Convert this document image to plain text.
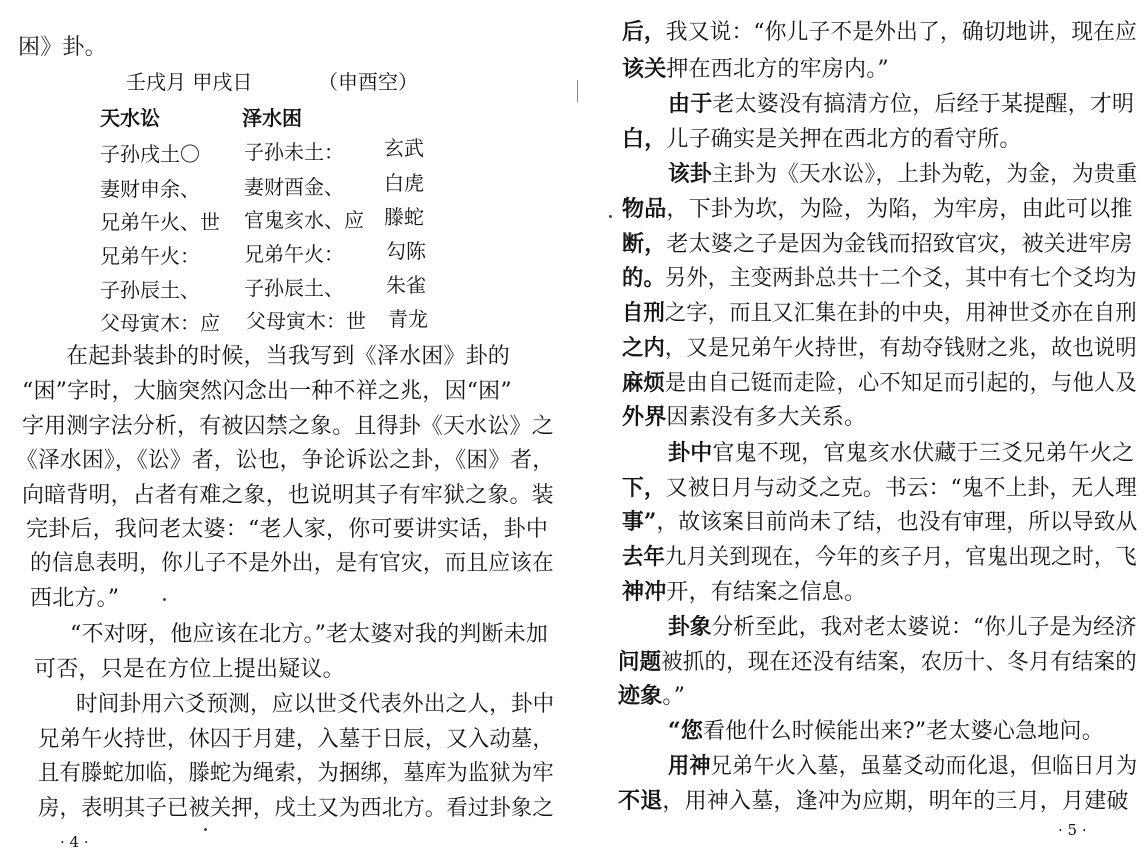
困》卦。
壬戌月 甲戌日	（申酉空）
天水讼	泽水困
子孙戌土〇 子孙未土： 玄武
妻财申余、 妻财酉金、 白虎
兄弟午火、世 官鬼亥水、应 滕蛇
兄弟午火： 兄弟午火： 勾陈
子孙辰土、 子孙辰土、 朱雀
父母寅木：应 父母寅木：世 青龙
在起卦装卦的时候，当我写到《泽水困》卦的
“困”字时，大脑突然闪念出一种不祥之兆，因“困”
字用测字法分析，有被囚禁之象。且得卦《天水讼》之
《泽水困》，《讼》者，讼也，争论诉讼之卦，《困》者，
向暗背明，占者有难之象，也说明其子有牢狱之象。装
完卦后，我问老太婆：“老人家，你可要讲实话，卦中
的信息表明，你儿子不是外出，是有官灾，而且应该在
西北方。”
“不对呀，他应该在北方。”老太婆对我的判断未加
可否，只是在方位上提出疑议。
时间卦用六爻预测，应以世爻代表外出之人，卦中
兄弟午火持世，休囚于月建，入墓于日辰，又入动墓，
且有滕蛇加临，滕蛇为绳索，为捆绑，墓库为监狱为牢
房，表明其子已被关押，戌土又为西北方。看过卦象之
· 4 ·
后，我又说：“你儿子不是外出了，确切地讲，现在应
该关押在西北方的牢房内。”
由于老太婆没有搞清方位，后经于某提醒，才明
白，儿子确实是关押在西北方的看守所。
该卦主卦为《天水讼》，上卦为乾，为金，为贵重
物品，下卦为坎，为险，为陷，为牢房，由此可以推
断，老太婆之子是因为金钱而招致官灾，被关进牢房
的。另外，主变两卦总共十二个爻，其中有七个爻均为
自刑之字，而且又汇集在卦的中央，用神世爻亦在自刑
之内，又是兄弟午火持世，有劫夺钱财之兆，故也说明
麻烦是由自己铤而走险，心不知足而引起的，与他人及
外界因素没有多大关系。
卦中官鬼不现，官鬼亥水伏藏于三爻兄弟午火之
下，又被日月与动爻之克。书云：“鬼不上卦，无人理
事”，故该案目前尚未了结，也没有审理，所以导致从
去年九月关到现在，今年的亥子月，官鬼出现之时，飞
神冲开，有结案之信息。
卦象分析至此，我对老太婆说：“你儿子是为经济
问题被抓的，现在还没有结案，农历十、冬月有结案的
迹象。”
“您看他什么时候能出来?”老太婆心急地问。
用神兄弟午火入墓，虽墓爻动而化退，但临日月为
不退，用神入墓，逢冲为应期，明年的三月，月建破
· 5 ·
